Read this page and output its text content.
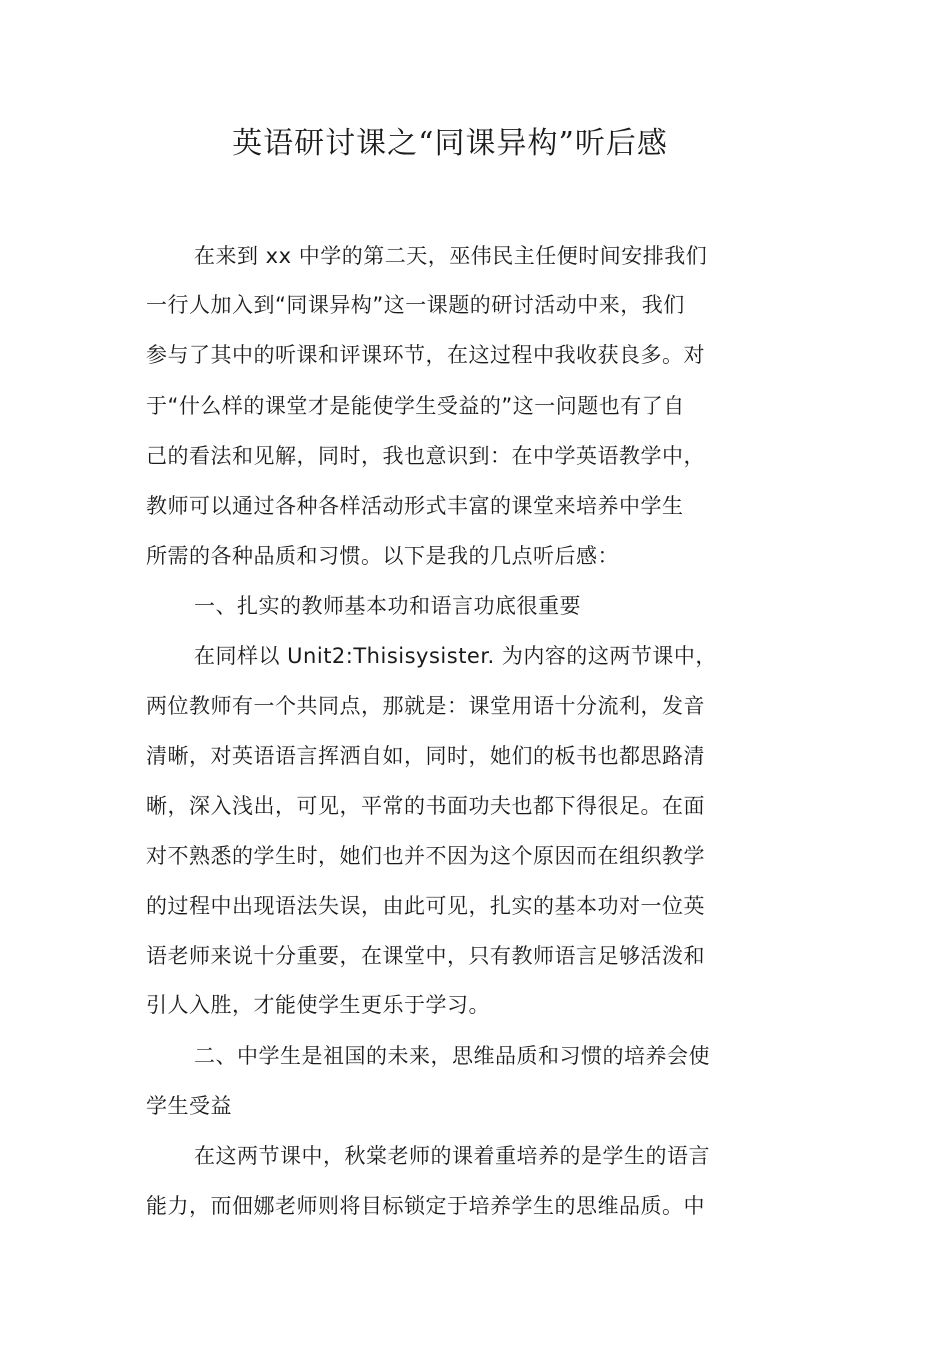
英语研讨课之“同课异构”听后感
在来到 xx 中学的第二天，巫伟民主任便时间安排我们
一行人加入到“同课异构”这一课题的研讨活动中来，我们
参与了其中的听课和评课环节，在这过程中我收获良多。对
于“什么样的课堂才是能使学生受益的”这一问题也有了自
己的看法和见解，同时，我也意识到：在中学英语教学中，
教师可以通过各种各样活动形式丰富的课堂来培养中学生
所需的各种品质和习惯。以下是我的几点听后感：
一、扎实的教师基本功和语言功底很重要
在同样以 Unit2:Thisisysister. 为内容的这两节课中，
两位教师有一个共同点，那就是：课堂用语十分流利，发音
清晰，对英语语言挥洒自如，同时，她们的板书也都思路清
晰，深入浅出，可见，平常的书面功夫也都下得很足。在面
对不熟悉的学生时，她们也并不因为这个原因而在组织教学
的过程中出现语法失误，由此可见，扎实的基本功对一位英
语老师来说十分重要，在课堂中，只有教师语言足够活泼和
引人入胜，才能使学生更乐于学习。
二、中学生是祖国的未来，思维品质和习惯的培养会使
学生受益
在这两节课中，秋棠老师的课着重培养的是学生的语言
能力，而佃娜老师则将目标锁定于培养学生的思维品质。中
